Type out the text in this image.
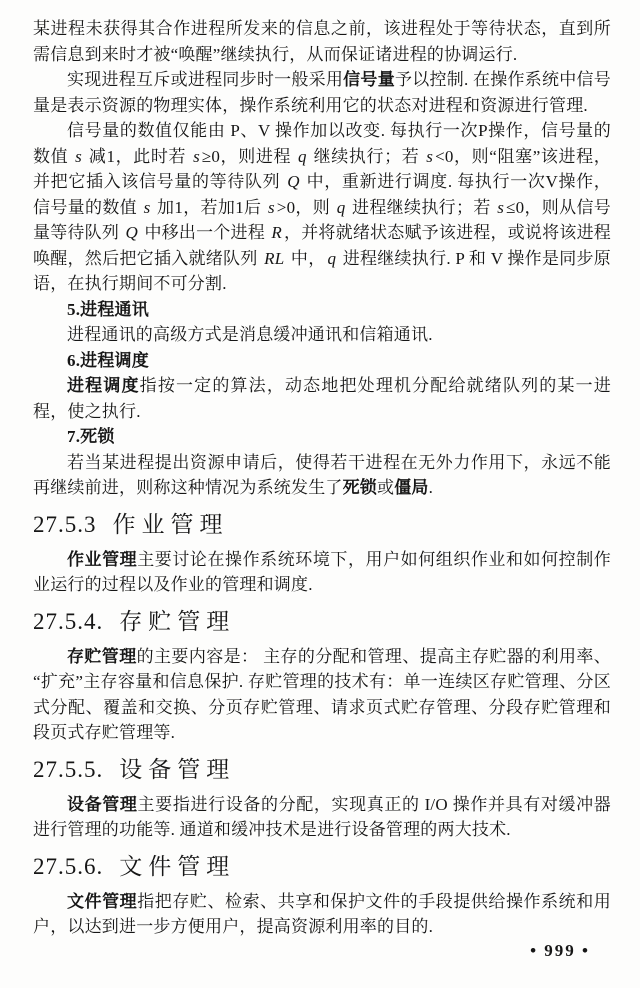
某进程未获得其合作进程所发来的信息之前，该进程处于等待状态，直到所需信息到来时才被“唤醒”继续执行，从而保证诸进程的协调运行.

实现进程互斥或进程同步时一般采用信号量予以控制. 在操作系统中信号量是表示资源的物理实体，操作系统利用它的状态对进程和资源进行管理.

信号量的数值仅能由 P、V 操作加以改变. 每执行一次P操作，信号量的数值 s 减1，此时若 s ≥0，则进程 q 继续执行；若 s <0，则“阻塞”该进程，并把它插入该信号量的等待队列 Q 中，重新进行调度. 每执行一次V操作，信号量的数值 s 加1，若加1后 s >0，则 q 进程继续执行；若 s ≤0，则从信号量等待队列 Q 中移出一个进程 R ，并将就绪状态赋予该进程，或说将该进程唤醒，然后把它插入就绪队列 RL 中， q 进程继续执行. P 和 V 操作是同步原语，在执行期间不可分割.

5.进程通讯

进程通讯的高级方式是消息缓冲通讯和信箱通讯.

6.进程调度

进程调度指按一定的算法，动态地把处理机分配给就绪队列的某一进程，使之执行.

7.死锁

若当某进程提出资源申请后，使得若干进程在无外力作用下，永远不能再继续前进，则称这种情况为系统发生了死锁或僵局.

27.5.3 作业管理

作业管理主要讨论在操作系统环境下，用户如何组织作业和如何控制作业运行的过程以及作业的管理和调度.

27.5.4. 存贮管理

存贮管理的主要内容是： 主存的分配和管理、提高主存贮器的利用率、“扩充”主存容量和信息保护. 存贮管理的技术有：单一连续区存贮管理、分区式分配、覆盖和交换、分页存贮管理、请求页式贮存管理、分段存贮管理和段页式存贮管理等.

27.5.5. 设备管理

设备管理主要指进行设备的分配，实现真正的 I/O 操作并具有对缓冲器进行管理的功能等. 通道和缓冲技术是进行设备管理的两大技术.

27.5.6. 文件管理

文件管理指把存贮、检索、共享和保护文件的手段提供给操作系统和用户，以达到进一步方便用户，提高资源利用率的目的.

• 999 •
